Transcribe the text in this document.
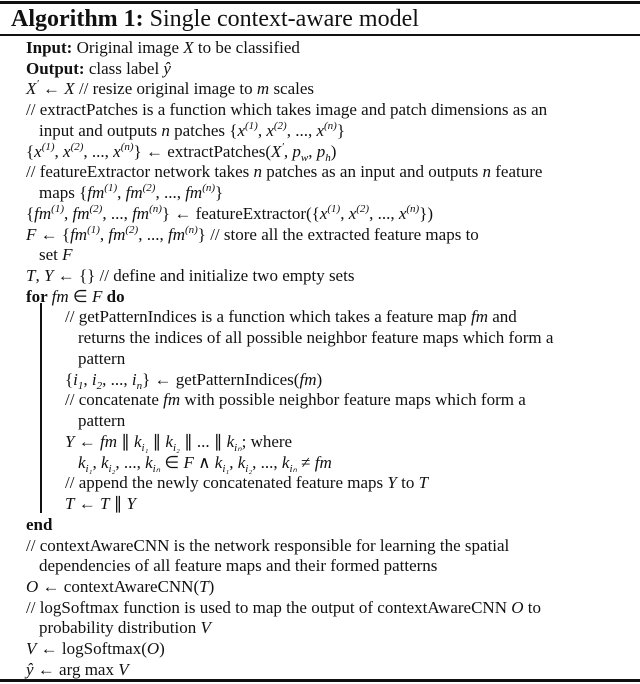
Algorithm 1: Single context-aware model
Input: Original image X to be classified
Output: class label ŷ
X′ ← X // resize original image to m scales
// extractPatches is a function which takes image and patch dimensions as an
input and outputs n patches {$x^{(1)}$, $x^{(2)}$, ..., $x^{(n)}$}
{$x^{(1)}$, $x^{(2)}$, ..., $x^{(n)}$} ← extractPatches(X′, $p_w$, $p_h$)
// featureExtractor network takes n patches as an input and outputs n feature
maps {$fm^{(1)}$, $fm^{(2)}$, ..., $fm^{(n)}$}
{$fm^{(1)}$, $fm^{(2)}$, ..., $fm^{(n)}$} ← $featureExtractor(\{x^{(1)}$, $x^{(2)}$, ..., $x^{(n)}$})
F ← {$fm^{(1)}$, $fm^{(2)}$, ..., $fm^{(n)}$} // store all the extracted feature maps to
set F
T, Y ← {} // define and initialize two empty sets
for fm ∈ F do
// getPatternIndices is a function which takes a feature map fm and
returns the indices of all possible neighbor feature maps which form a
pattern
{$i_1$, $i_2$, ..., $i_n$} ← getPatternIndices(fm)
// concatenate fm with possible neighbor feature maps which form a
pattern
Y ← fm ∥ $k_{i_1}$ ∥ $k_{i_2}$ ∥ ... ∥ $k_{i_n}$; where
$k_{i_1}$, $k_{i_2}$, ..., $k_{i_n}$ ∈ F ∧ $k_{i_1}$, $k_{i_2}$, ..., $k_{i_n}$ ≠ fm
// append the newly concatenated feature maps Y to T
T ← T ∥ Y
end
// contextAwareCNN is the network responsible for learning the spatial
dependencies of all feature maps and their formed patterns
O ← contextAwareCNN(T)
// logSoftmax function is used to map the output of contextAwareCNN O to
probability distribution V
V ← logSoftmax(O)
ŷ ← arg max V
